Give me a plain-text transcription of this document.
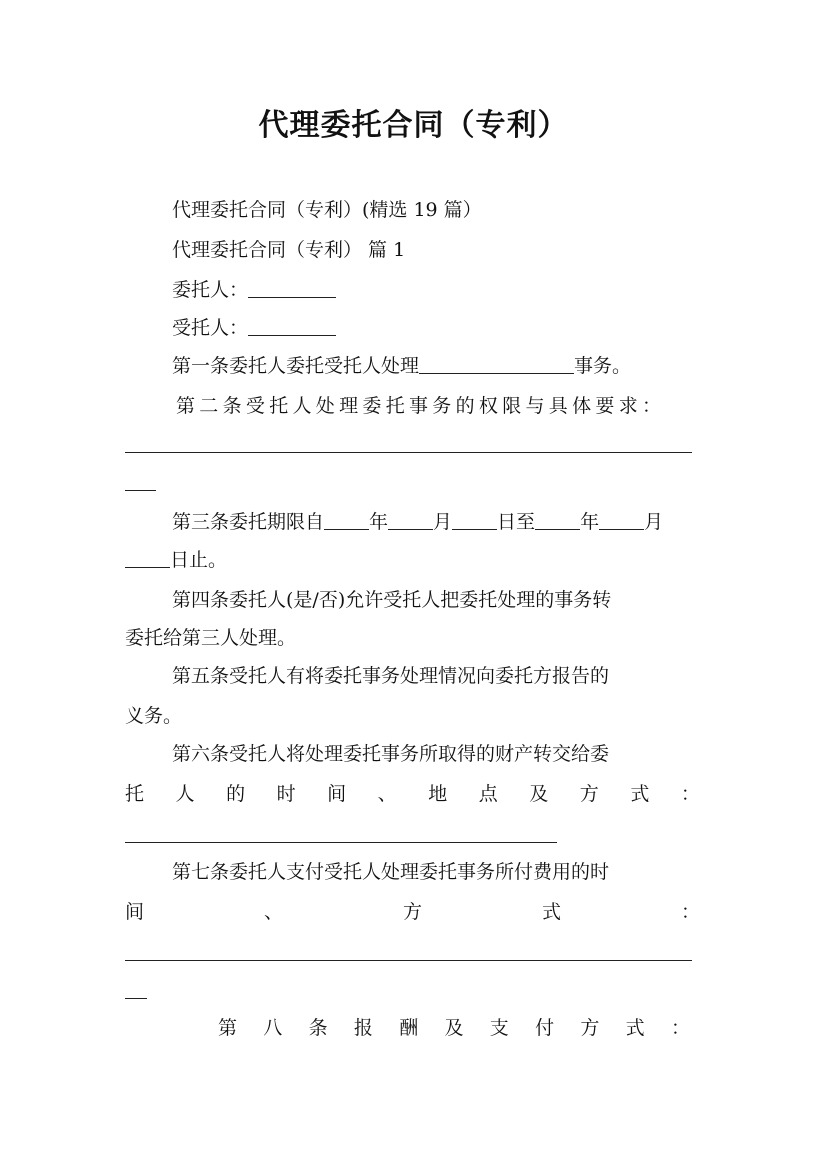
代理委托合同（专利）

代理委托合同（专利）(精选 19 篇）

代理委托合同（专利） 篇 1

委托人：

受托人：

第一条委托人委托受托人处理	事务。

第二条受托人处理委托事务的权限与具体要求：

第三条委托期限自 年 月 日至 年 月

日止。

第四条委托人(是/否)允许受托人把委托处理的事务转

委托给第三人处理。

第五条受托人有将委托事务处理情况向委托方报告的

义务。

第六条受托人将处理委托事务所取得的财产转交给委

托 人 的 时 间 、 地 点 及 方 式 ：

第七条委托人支付受托人处理委托事务所付费用的时

间	、	方	式	：
第 八 条 报 酬 及 支 付 方 式 ：
